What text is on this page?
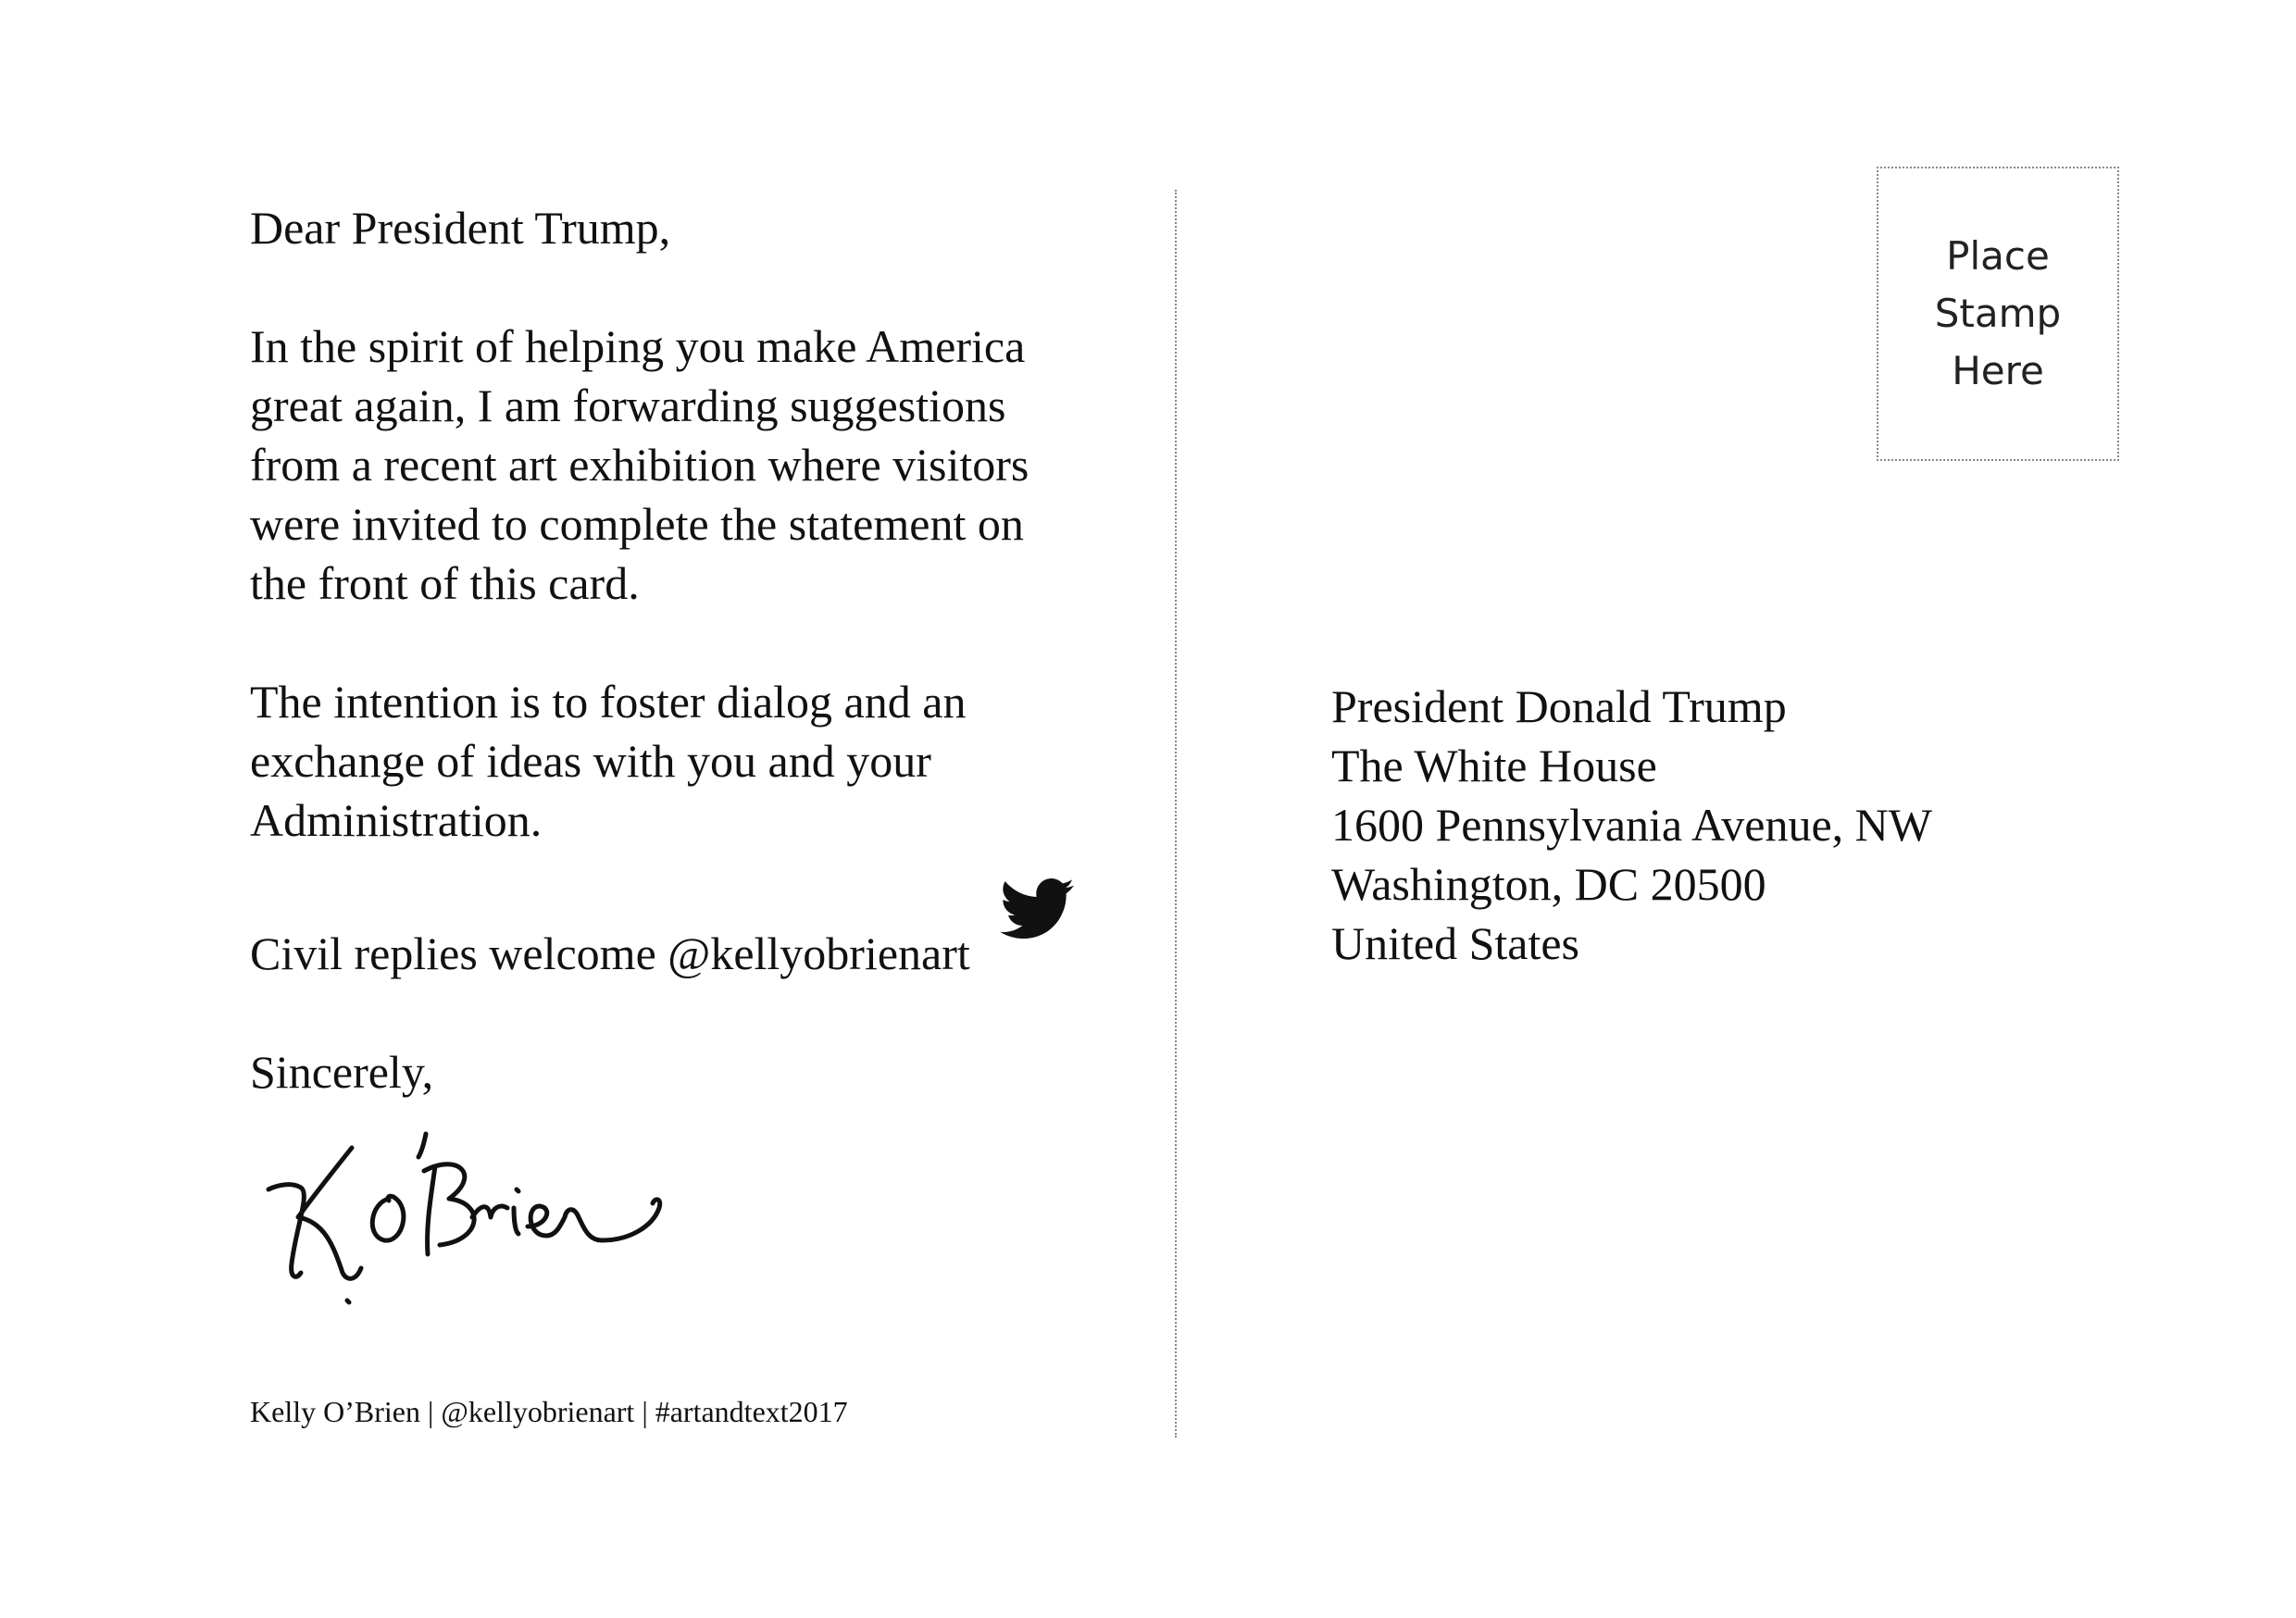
Dear President Trump,

In the spirit of helping you make America
great again, I am forwarding suggestions
from a recent art exhibition where visitors
were invited to complete the statement on
the front of this card.
The intention is to foster dialog and an
exchange of ideas with you and your
Administration.
Civil replies welcome @kellyobrienart
Sincerely,
Kelly O’Brien | @kellyobrienart | #artandtext2017
Place
Stamp
Here
President Donald Trump
The White House
1600 Pennsylvania Avenue, NW
Washington, DC 20500
United States
